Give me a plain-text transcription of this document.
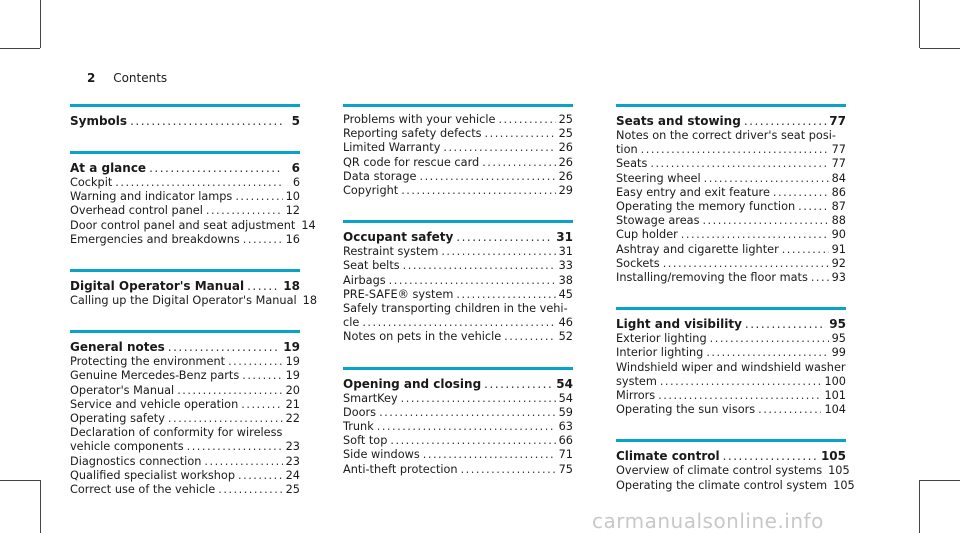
2 Contents
Symbols .....	5
At a glance .....	6
Cockpit .....	6
Warning and indicator lamps .....	10
Overhead control panel .....	12
Door control panel and seat adjustment 14
Emergencies and breakdowns .....	16
Digital Operator's Manual .....	18
Calling up the Digital Operator's Manual 18
General notes .....	19
Protecting the environment .....	19
Genuine Mercedes-Benz parts .....	19
Operator's Manual .....	20
Service and vehicle operation .....	21
Operating safety .....	22
Declaration of conformity for wireless
vehicle components .....	23
Diagnostics connection .....	23
Qualified specialist workshop .....	24
Correct use of the vehicle .....	25
Problems with your vehicle .....	25
Reporting safety defects .....	25
Limited Warranty .....	26
QR code for rescue card .....	26
Data storage .....	26
Copyright .....	29
Occupant safety .....	31
Restraint system .....	31
Seat belts .....	33
Airbags .....	38
PRE-SAFE® system .....	45
Safely transporting children in the vehi-
cle .....	46
Notes on pets in the vehicle .....	52
Opening and closing .....	54
SmartKey .....	54
Doors .....	59
Trunk .....	63
Soft top .....	66
Side windows .....	71
Anti-theft protection .....	75
Seats and stowing .....	77
Notes on the correct driver's seat posi-
tion .....	77
Seats .....	77
Steering wheel .....	84
Easy entry and exit feature .....	86
Operating the memory function .....	87
Stowage areas .....	88
Cup holder .....	90
Ashtray and cigarette lighter .....	91
Sockets .....	92
Installing/removing the floor mats ..... 93
Light and visibility .....	95
Exterior lighting .....	95
Interior lighting .....	99
Windshield wiper and windshield washer
system .....	100
Mirrors .....	101
Operating the sun visors .....	104
Climate control .....	105
Overview of climate control systems 105
Operating the climate control system 105
carmanualsonline.info
